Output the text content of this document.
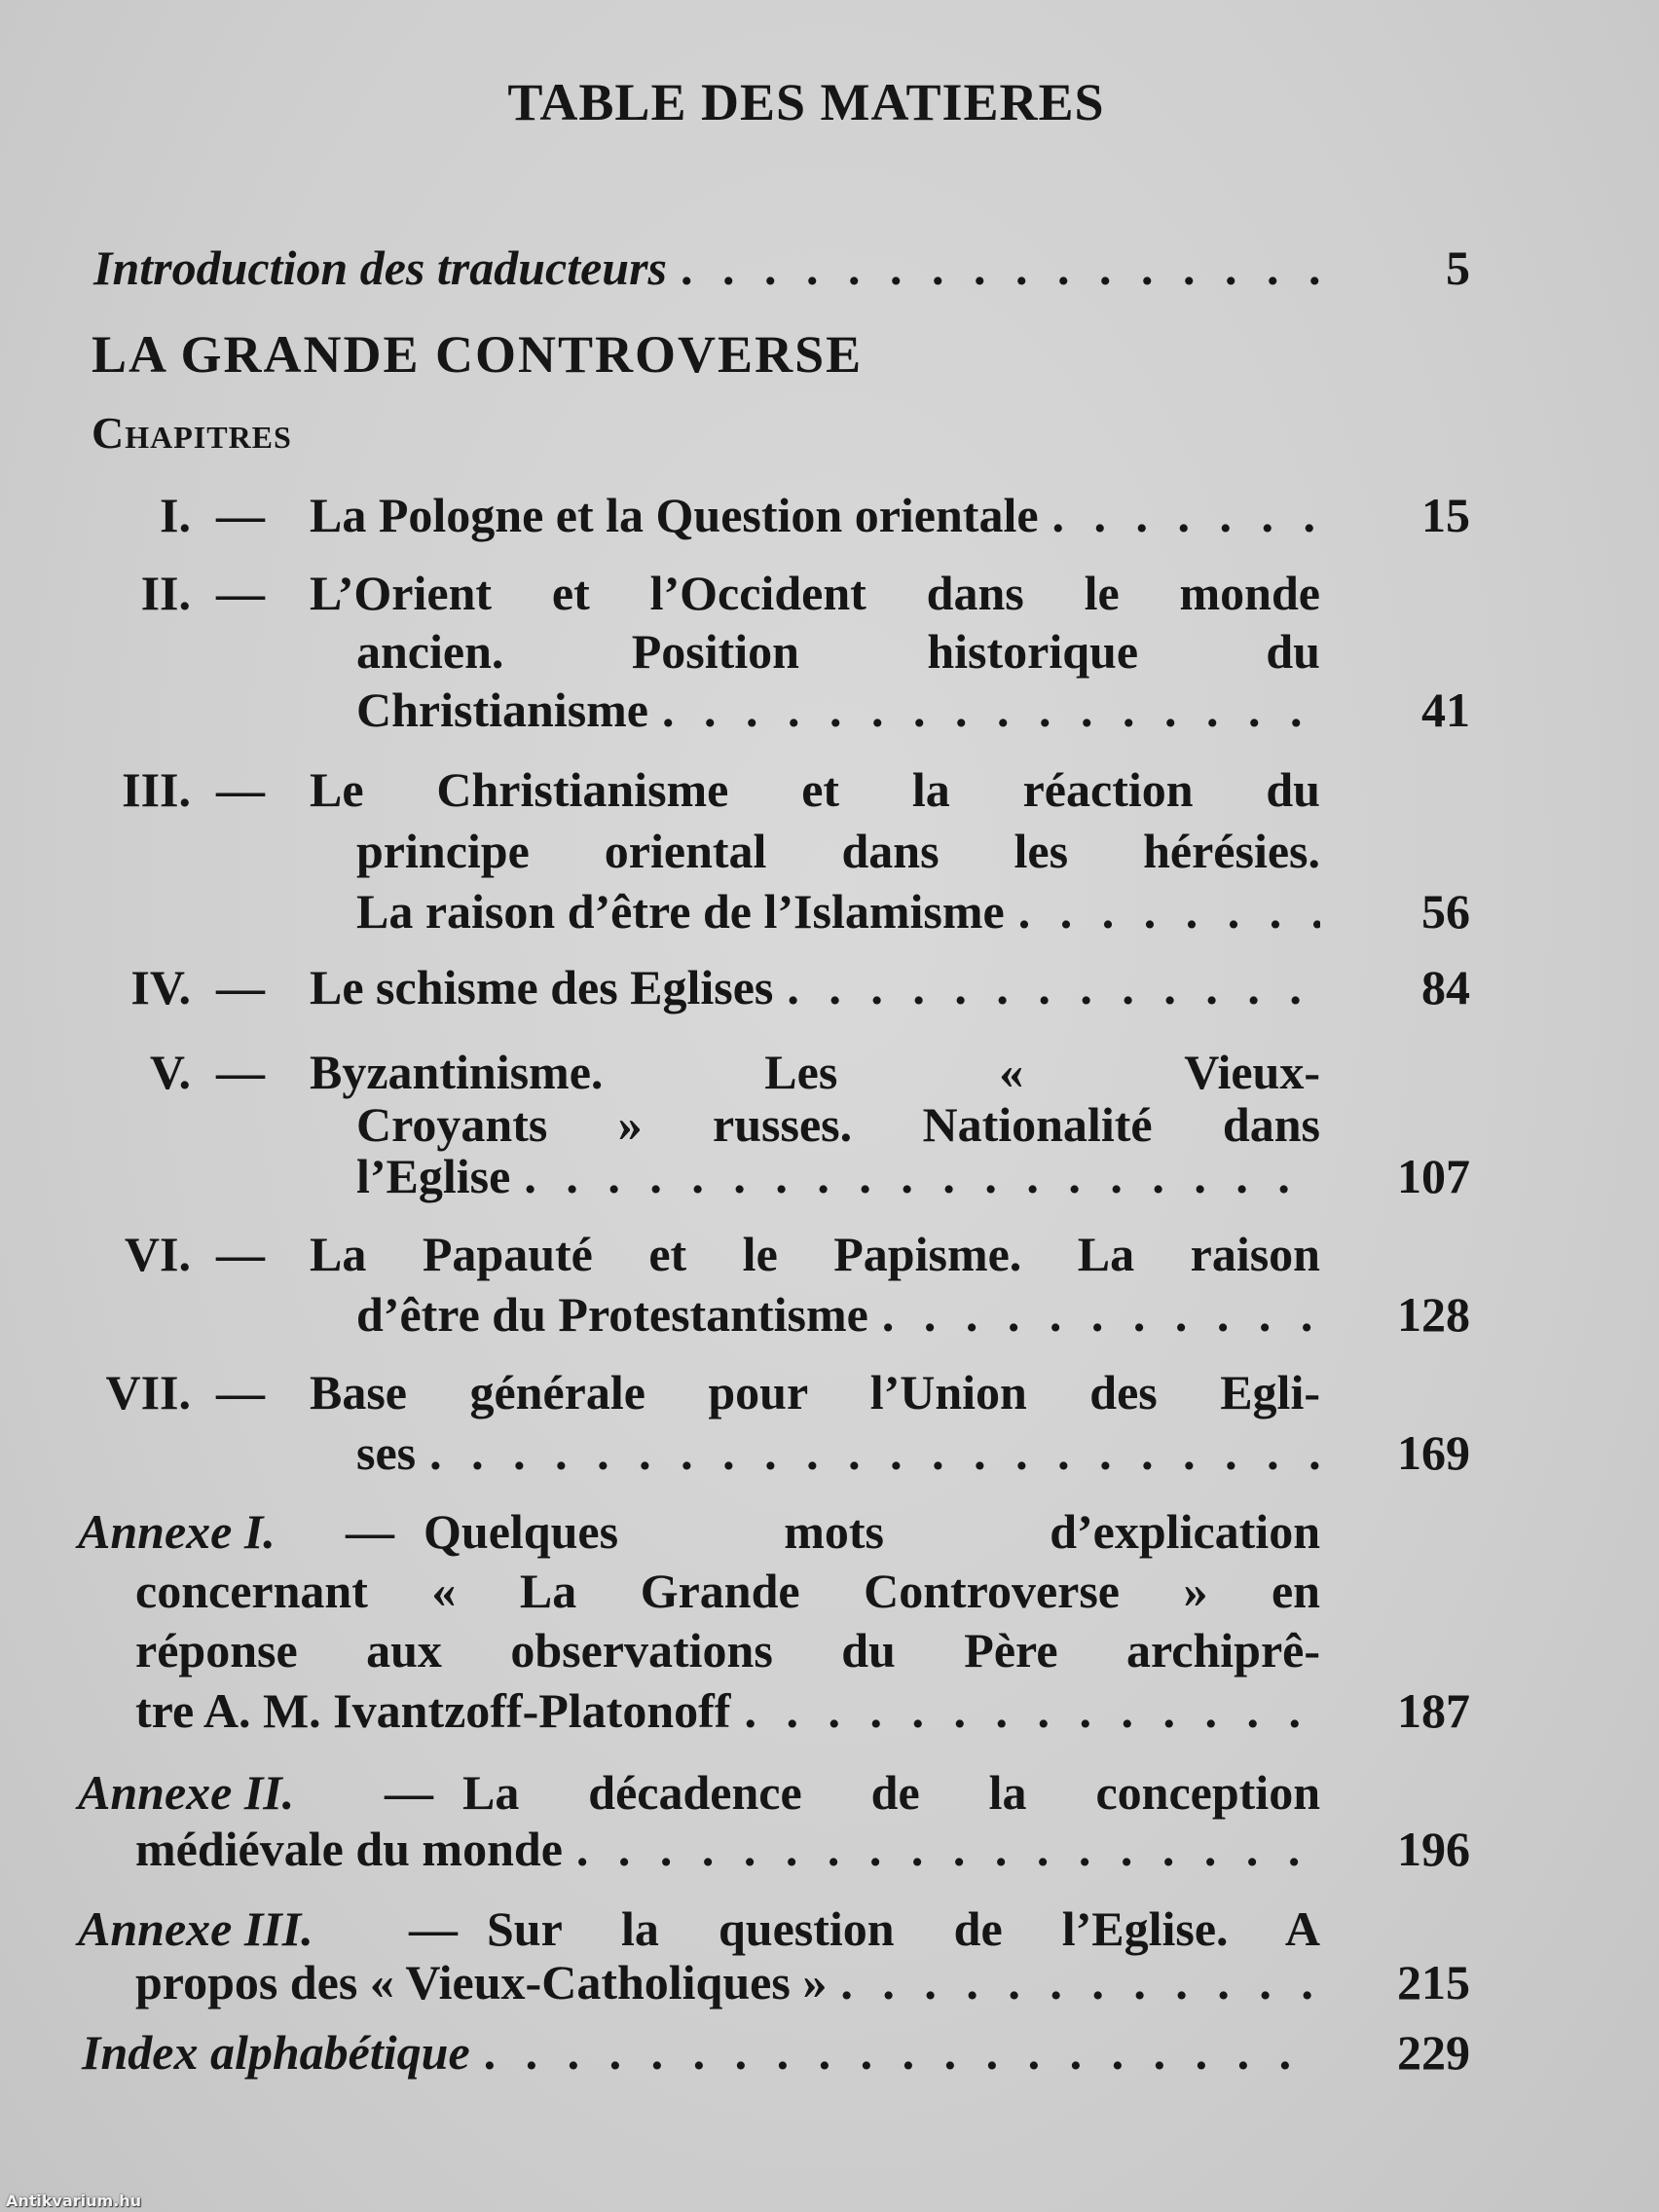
TABLE DES MATIERES
Introduction des traducteurs . . .	5
LA GRANDE CONTROVERSE
Chapitres
I. — La Pologne et la Question orientale . . .	15
II. — L’Orient et l’Occident dans le monde
ancien. Position historique du
Christianisme . . .	41
III. — Le Christianisme et la réaction du
principe oriental dans les hérésies.
La raison d’être de l’Islamisme . . .	56
IV. — Le schisme des Eglises . . .	84
V. — Byzantinisme. Les « Vieux-
Croyants » russes. Nationalité dans
l’Eglise . . .	107
VI. — La Papauté et le Papisme. La raison
d’être du Protestantisme . . .	128
VII. — Base générale pour l’Union des Egli-
ses . . .	169
Annexe I. — Quelques mots d’explication
concernant « La Grande Controverse » en
réponse aux observations du Père archiprê-
tre A. M. Ivantzoff-Platonoff . . .	187
Annexe II. — La décadence de la conception
médiévale du monde . . .	196
Annexe III. — Sur la question de l’Eglise. A
propos des « Vieux-Catholiques » . . .	215
Index alphabétique . . .	229
Antikvarium.hu
